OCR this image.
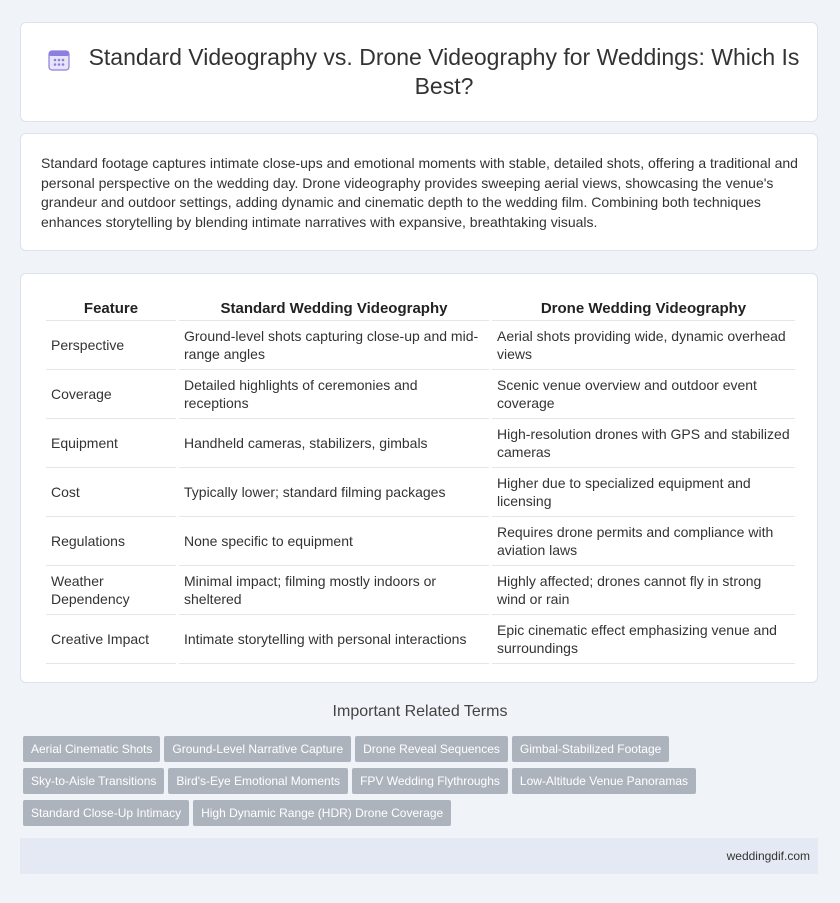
Standard Videography vs. Drone Videography for Weddings: Which Is Best?

Standard footage captures intimate close-ups and emotional moments with stable, detailed shots, offering a traditional and personal perspective on the wedding day. Drone videography provides sweeping aerial views, showcasing the venue's grandeur and outdoor settings, adding dynamic and cinematic depth to the wedding film. Combining both techniques enhances storytelling by blending intimate narratives with expansive, breathtaking visuals.

Feature	Standard Wedding Videography	Drone Wedding Videography
Perspective	Ground-level shots capturing close-up and mid-range angles	Aerial shots providing wide, dynamic overhead views
Coverage	Detailed highlights of ceremonies and receptions	Scenic venue overview and outdoor event coverage
Equipment	Handheld cameras, stabilizers, gimbals	High-resolution drones with GPS and stabilized cameras
Cost	Typically lower; standard filming packages	Higher due to specialized equipment and licensing
Regulations	None specific to equipment	Requires drone permits and compliance with aviation laws
Weather Dependency	Minimal impact; filming mostly indoors or sheltered	Highly affected; drones cannot fly in strong wind or rain
Creative Impact	Intimate storytelling with personal interactions	Epic cinematic effect emphasizing venue and surroundings
Important Related Terms
Aerial Cinematic Shots Ground-Level Narrative Capture Drone Reveal Sequences Gimbal-Stabilized FootageSky-to-Aisle Transitions Bird's-Eye Emotional Moments FPV Wedding Flythroughs Low-Altitude Venue PanoramasStandard Close-Up Intimacy High Dynamic Range (HDR) Drone Coverage
weddingdif.com
